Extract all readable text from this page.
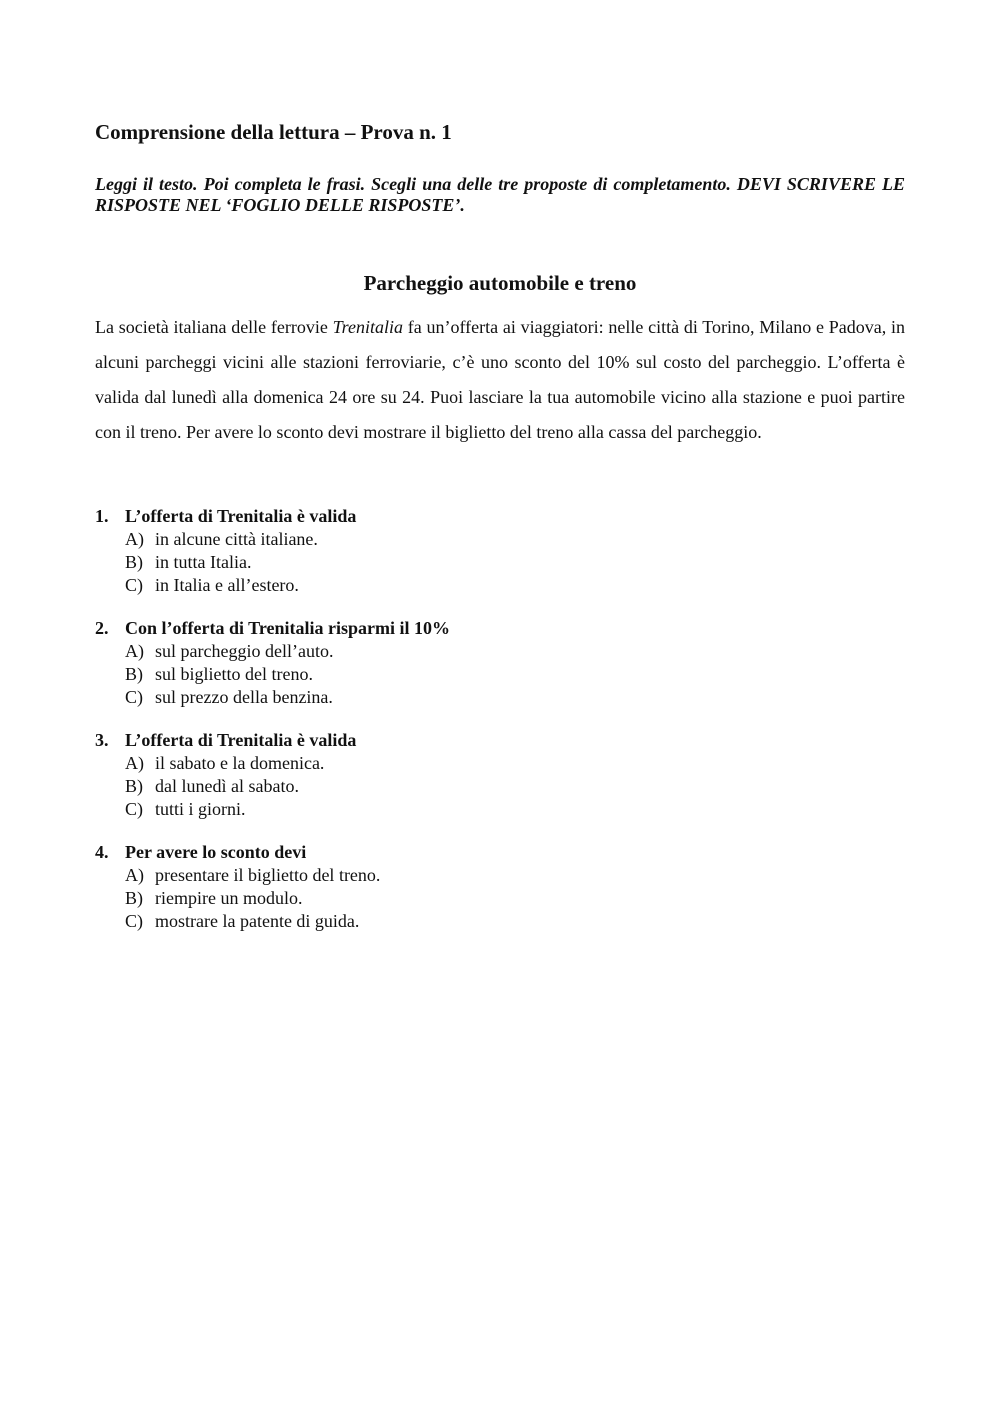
Comprensione della lettura – Prova n. 1

Leggi il testo. Poi completa le frasi. Scegli una delle tre proposte di completamento. DEVI SCRIVERE LE RISPOSTE NEL ‘FOGLIO DELLE RISPOSTE’.

Parcheggio automobile e treno

La società italiana delle ferrovie Trenitalia fa un’offerta ai viaggiatori: nelle città di Torino, Milano e Padova, in alcuni parcheggi vicini alle stazioni ferroviarie, c’è uno sconto del 10% sul costo del parcheggio. L’offerta è valida dal lunedì alla domenica 24 ore su 24. Puoi lasciare la tua automobile vicino alla stazione e puoi partire con il treno. Per avere lo sconto devi mostrare il biglietto del treno alla cassa del parcheggio.

1. L’offerta di Trenitalia è valida
A) in alcune città italiane.
B) in tutta Italia.
C) in Italia e all’estero.
2. Con l’offerta di Trenitalia risparmi il 10%
A) sul parcheggio dell’auto.
B) sul biglietto del treno.
C) sul prezzo della benzina.
3. L’offerta di Trenitalia è valida
A) il sabato e la domenica.
B) dal lunedì al sabato.
C) tutti i giorni.
4. Per avere lo sconto devi
A) presentare il biglietto del treno.
B) riempire un modulo.
C) mostrare la patente di guida.
